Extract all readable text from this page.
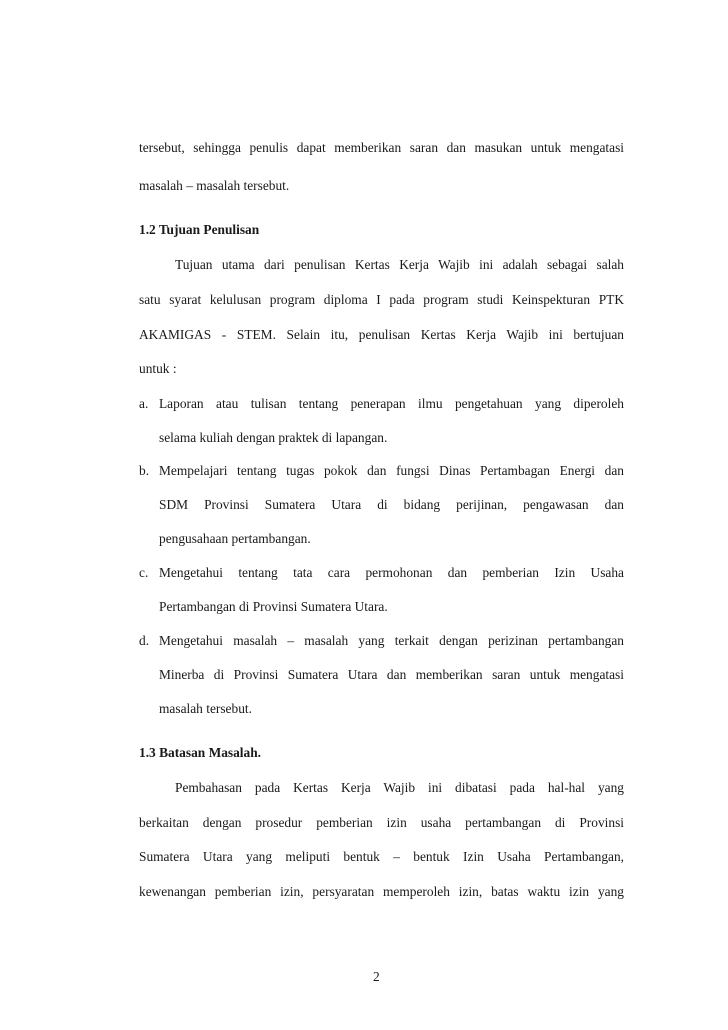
tersebut, sehingga penulis dapat memberikan saran dan masukan untuk mengatasi
masalah – masalah tersebut.
1.2 Tujuan Penulisan
Tujuan utama dari penulisan Kertas Kerja Wajib ini adalah sebagai salah
satu syarat kelulusan program diploma I pada program studi Keinspekturan PTK
AKAMIGAS - STEM. Selain itu, penulisan Kertas Kerja Wajib ini bertujuan
untuk :
a. Laporan atau tulisan tentang penerapan ilmu pengetahuan yang diperoleh
selama kuliah dengan praktek di lapangan.
b. Mempelajari tentang tugas pokok dan fungsi Dinas Pertambagan Energi dan
SDM Provinsi Sumatera Utara di bidang perijinan, pengawasan dan
pengusahaan pertambangan.
c. Mengetahui tentang tata cara permohonan dan pemberian Izin Usaha
Pertambangan di Provinsi Sumatera Utara.
d. Mengetahui masalah – masalah yang terkait dengan perizinan pertambangan
Minerba di Provinsi Sumatera Utara dan memberikan saran untuk mengatasi
masalah tersebut.
1.3 Batasan Masalah.
Pembahasan pada Kertas Kerja Wajib ini dibatasi pada hal-hal yang
berkaitan dengan prosedur pemberian izin usaha pertambangan di Provinsi
Sumatera Utara yang meliputi bentuk – bentuk Izin Usaha Pertambangan,
kewenangan pemberian izin, persyaratan memperoleh izin, batas waktu izin yang
2
